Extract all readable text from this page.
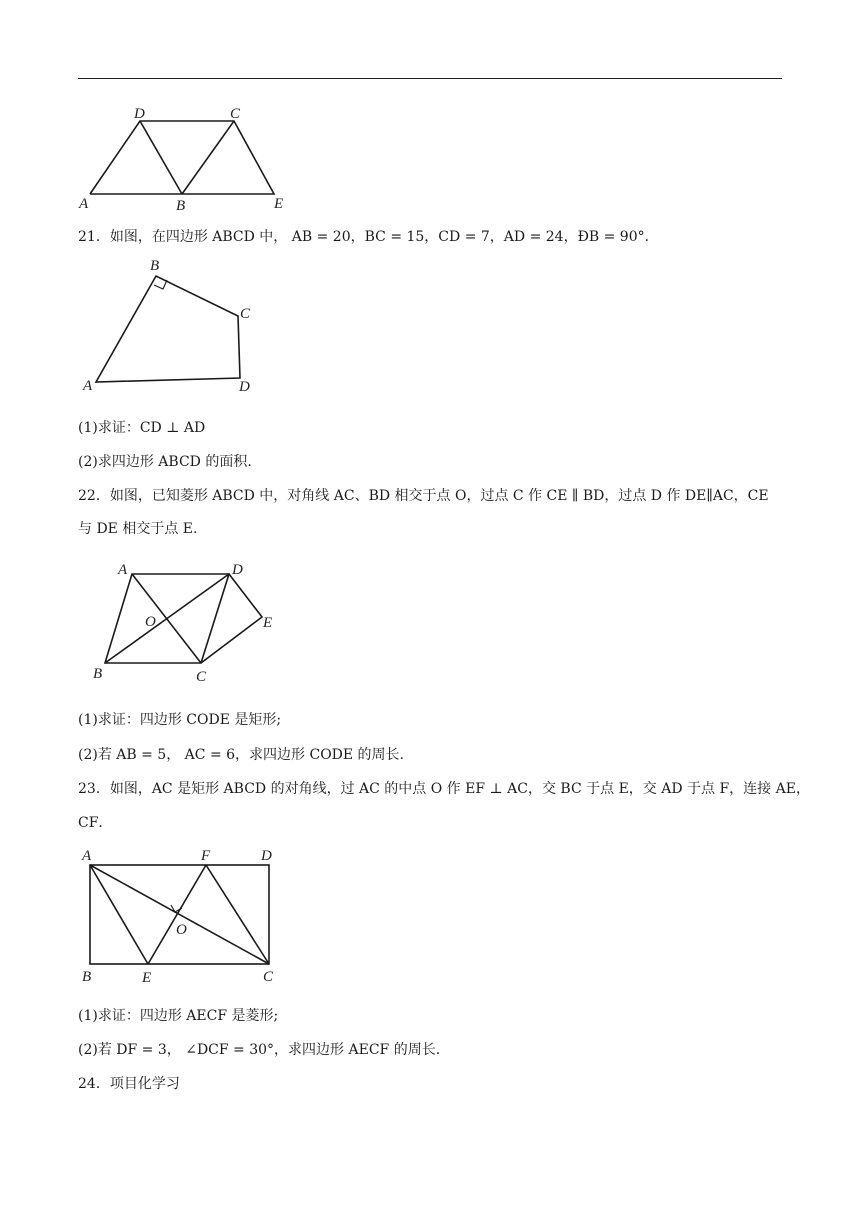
A	B
C
D
E
21．如图，在四边形 ABCD 中， AB = 20，BC = 15，CD = 7，AD = 24，ÐB = 90°．
A
B
C
D
(1)求证：CD ⊥ AD
(2)求四边形 ABCD 的面积.
22．如图，已知菱形 ABCD 中，对角线 AC、BD 相交于点 O，过点 C 作 CE ∥ BD，过点 D 作 DE∥AC，CE
与 DE 相交于点 E.
A
B	C
D
E
O
(1)求证：四边形 CODE 是矩形;
(2)若 AB = 5， AC = 6，求四边形 CODE 的周长.
23．如图，AC 是矩形 ABCD 的对角线，过 AC 的中点 O 作 EF ⊥ AC，交 BC 于点 E，交 AD 于点 F，连接 AE，
CF．
A
B	C
D
E
F
O
(1)求证：四边形 AECF 是菱形;
(2)若 DF = 3， ∠DCF = 30°，求四边形 AECF 的周长.
24．项目化学习
